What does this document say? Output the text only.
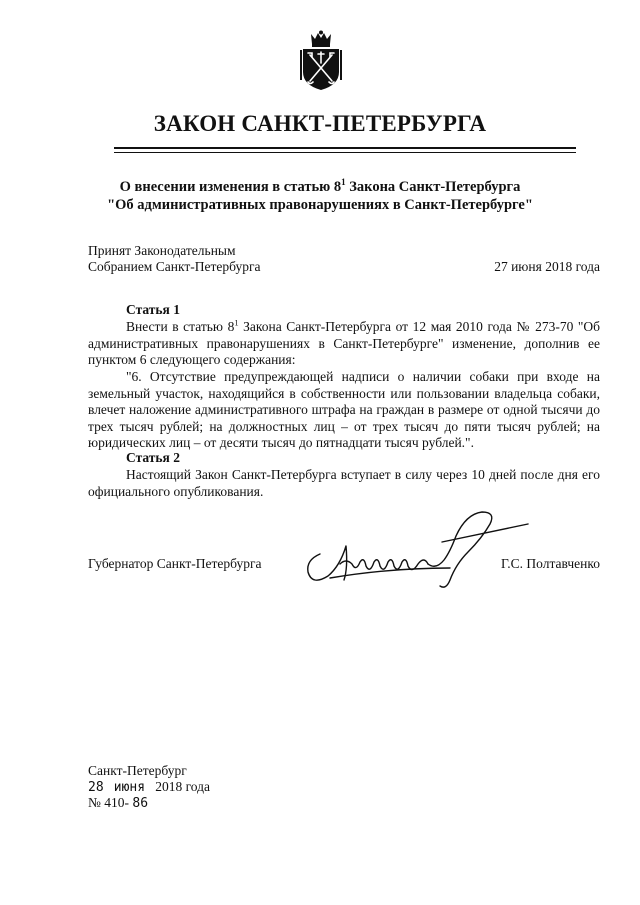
ЗАКОН САНКТ-ПЕТЕРБУРГА
О внесении изменения в статью $8^1$ Закона Санкт-Петербурга
"Об административных правонарушениях в Санкт-Петербурге"
Принят Законодательным
Собранием Санкт-Петербурга	27 июня 2018 года
Статья 1
Внести в статью $8^1$ Закона Санкт-Петербурга от 12 мая 2010 года № 273-70 "Об административных правонарушениях в Санкт-Петербурге" изменение, дополнив ее пунктом 6 следующего содержания:
"6. Отсутствие предупреждающей надписи о наличии собаки при входе на земельный участок, находящийся в собственности или пользовании владельца собаки, влечет наложение административного штрафа на граждан в размере от одной тысячи до трех тысяч рублей; на должностных лиц – от трех тысяч до пяти тысяч рублей; на юридических лиц – от десяти тысяч до пятнадцати тысяч рублей.".
Статья 2
Настоящий Закон Санкт-Петербурга вступает в силу через 10 дней после дня его официального опубликования.
Губернатор Санкт-Петербурга	Г.С. Полтавченко
Санкт-Петербург
28 июня 2018 года
№ 410- 86
